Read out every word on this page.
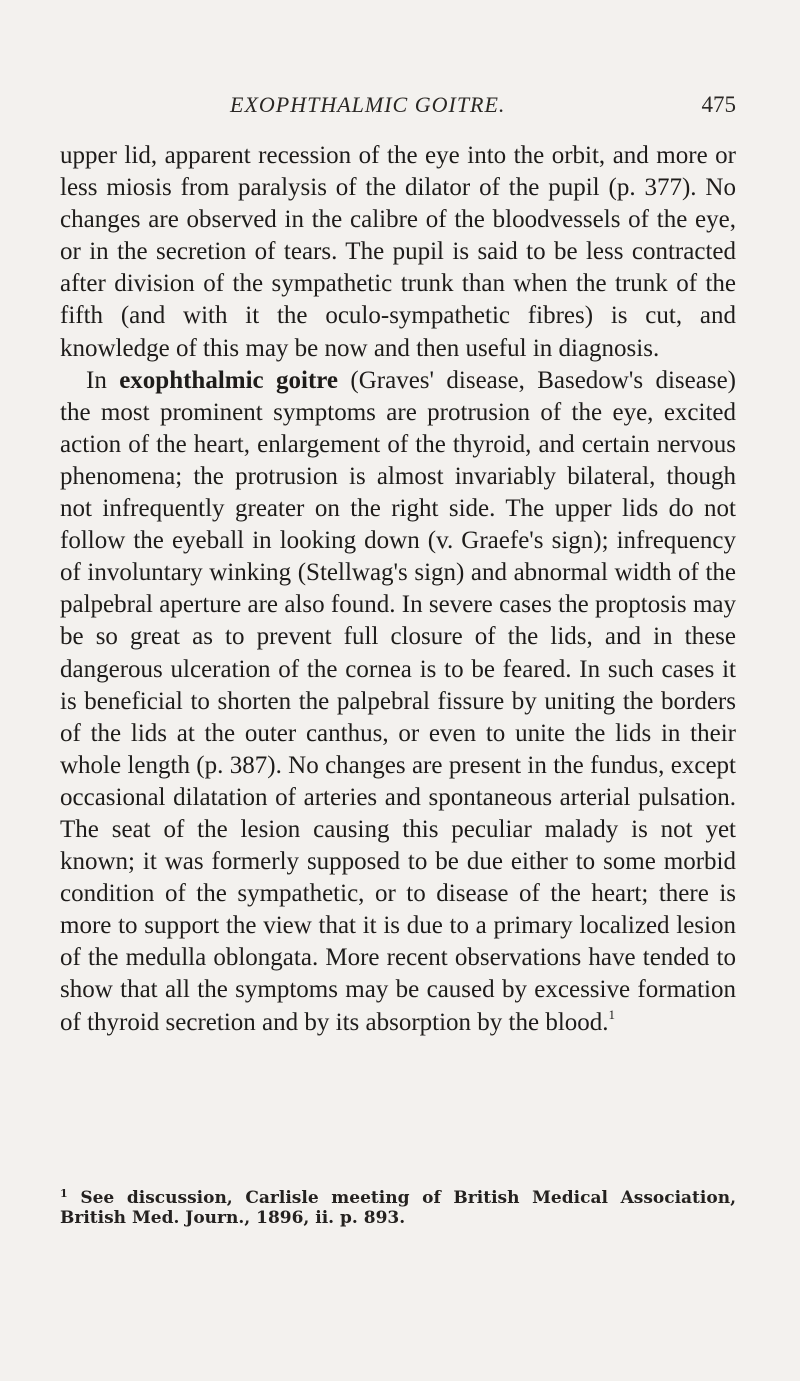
EXOPHTHALMIC GOITRE.	475

upper lid, apparent recession of the eye into the orbit, and more or less miosis from paralysis of the dilator of the pupil (p. 377). No changes are observed in the calibre of the bloodvessels of the eye, or in the secretion of tears. The pupil is said to be less contracted after division of the sympathetic trunk than when the trunk of the fifth (and with it the oculo-sympathetic fibres) is cut, and knowledge of this may be now and then useful in diagnosis.

In exophthalmic goitre (Graves' disease, Basedow's disease) the most prominent symptoms are protrusion of the eye, excited action of the heart, enlargement of the thyroid, and certain nervous phenomena; the protrusion is almost invariably bilateral, though not infrequently greater on the right side. The upper lids do not follow the eyeball in looking down (v. Graefe's sign); infrequency of involuntary winking (Stellwag's sign) and abnormal width of the palpebral aperture are also found. In severe cases the proptosis may be so great as to prevent full closure of the lids, and in these dangerous ulceration of the cornea is to be feared. In such cases it is beneficial to shorten the palpebral fissure by uniting the borders of the lids at the outer canthus, or even to unite the lids in their whole length (p. 387). No changes are present in the fundus, except occasional dilatation of arteries and spontaneous arterial pulsation. The seat of the lesion causing this peculiar malady is not yet known; it was formerly supposed to be due either to some morbid condition of the sympathetic, or to disease of the heart; there is more to support the view that it is due to a primary localized lesion of the medulla oblongata. More recent observations have tended to show that all the symptoms may be caused by excessive formation of thyroid secretion and by its absorption by the blood.$^1$

$^1$ See discussion, Carlisle meeting of British Medical Association, British Med. Journ., 1896, ii. p. 893.
